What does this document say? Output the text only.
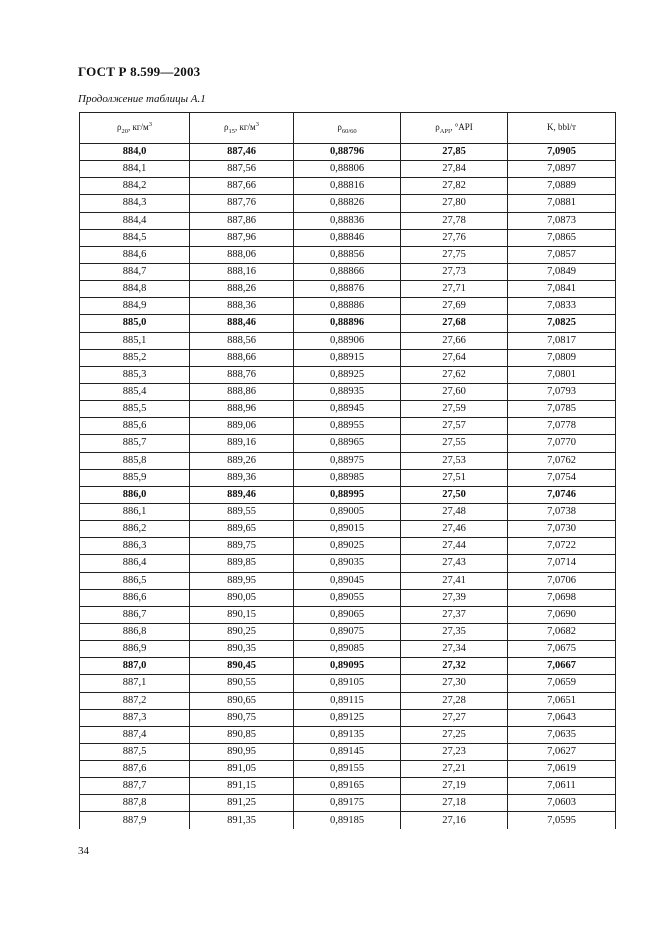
ГОСТ Р 8.599—2003
Продолжение таблицы А.1
$\rho_{20}$, $кг/м^3$	$\rho_{15}$, $кг/м^3$	$\rho_{60/60}$	$\rho_{API}$, °API	K, bbl/т
884,0	887,46	0,88796	27,85	7,0905
884,1	887,56	0,88806	27,84	7,0897
884,2	887,66	0,88816	27,82	7,0889
884,3	887,76	0,88826	27,80	7,0881
884,4	887,86	0,88836	27,78	7,0873
884,5	887,96	0,88846	27,76	7,0865
884,6	888,06	0,88856	27,75	7,0857
884,7	888,16	0,88866	27,73	7,0849
884,8	888,26	0,88876	27,71	7,0841
884,9	888,36	0,88886	27,69	7,0833
885,0	888,46	0,88896	27,68	7,0825
885,1	888,56	0,88906	27,66	7,0817
885,2	888,66	0,88915	27,64	7,0809
885,3	888,76	0,88925	27,62	7,0801
885,4	888,86	0,88935	27,60	7,0793
885,5	888,96	0,88945	27,59	7,0785
885,6	889,06	0,88955	27,57	7,0778
885,7	889,16	0,88965	27,55	7,0770
885,8	889,26	0,88975	27,53	7,0762
885,9	889,36	0,88985	27,51	7,0754
886,0	889,46	0,88995	27,50	7,0746
886,1	889,55	0,89005	27,48	7,0738
886,2	889,65	0,89015	27,46	7,0730
886,3	889,75	0,89025	27,44	7,0722
886,4	889,85	0,89035	27,43	7,0714
886,5	889,95	0,89045	27,41	7,0706
886,6	890,05	0,89055	27,39	7,0698
886,7	890,15	0,89065	27,37	7,0690
886,8	890,25	0,89075	27,35	7,0682
886,9	890,35	0,89085	27,34	7,0675
887,0	890,45	0,89095	27,32	7,0667
887,1	890,55	0,89105	27,30	7,0659
887,2	890,65	0,89115	27,28	7,0651
887,3	890,75	0,89125	27,27	7,0643
887,4	890,85	0,89135	27,25	7,0635
887,5	890,95	0,89145	27,23	7,0627
887,6	891,05	0,89155	27,21	7,0619
887,7	891,15	0,89165	27,19	7,0611
887,8	891,25	0,89175	27,18	7,0603
887,9	891,35	0,89185	27,16	7,0595
34
